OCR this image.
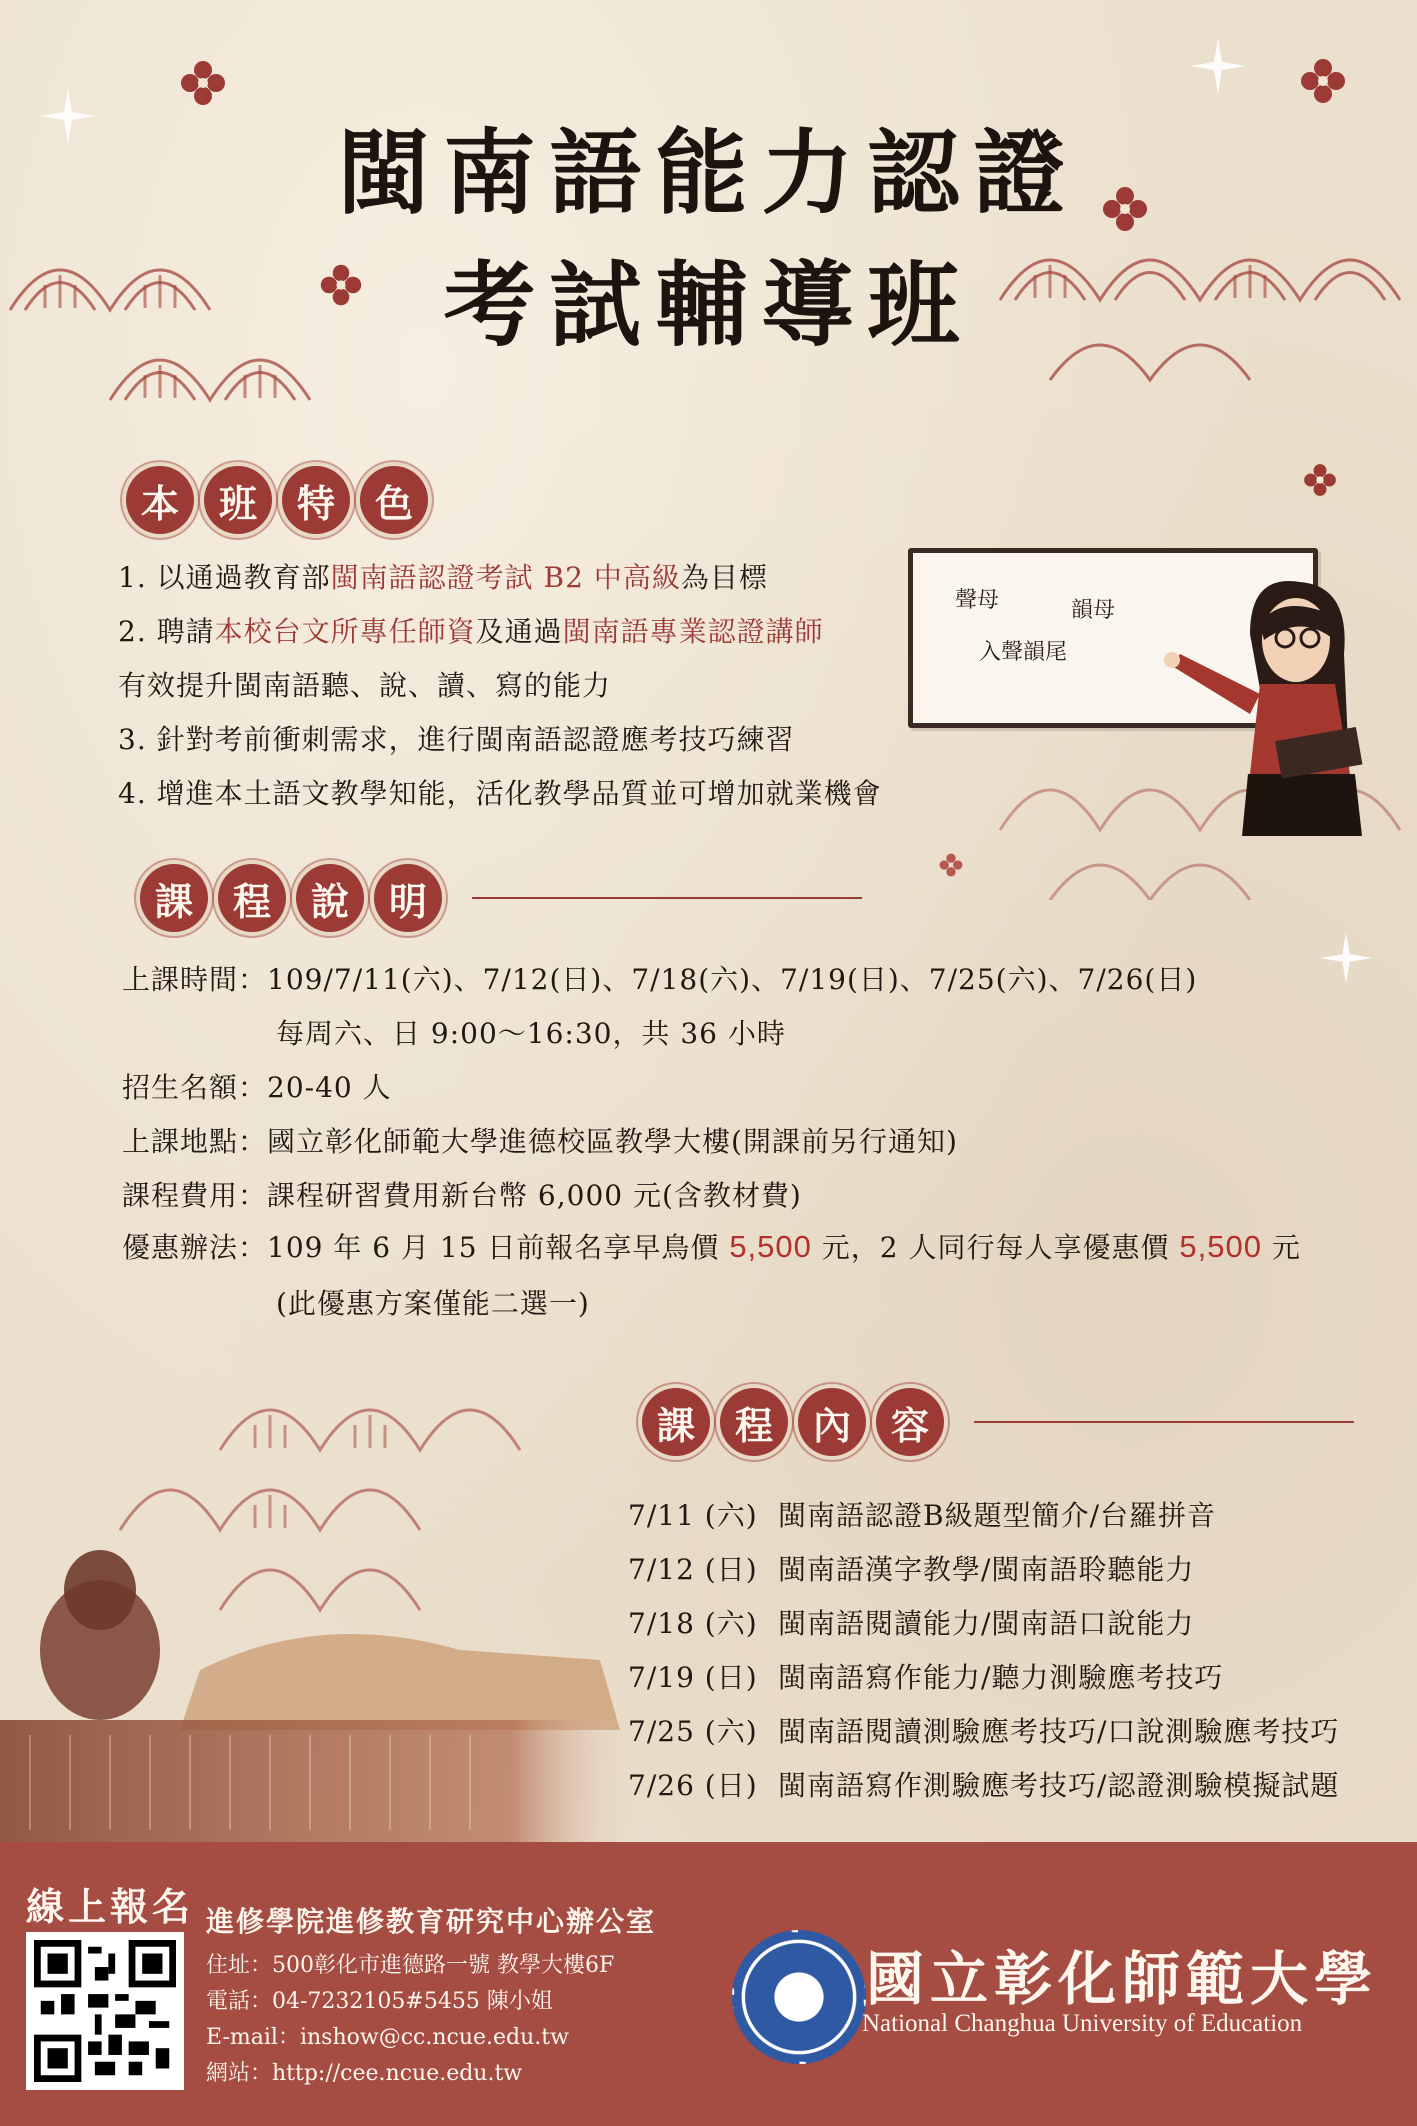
閩南語能力認證
考試輔導班
本	班	特	色
1. 以通過教育部閩南語認證考試 B2 中高級為目標
2. 聘請本校台文所專任師資及通過閩南語專業認證講師
有效提升閩南語聽、說、讀、寫的能力
3. 針對考前衝刺需求，進行閩南語認證應考技巧練習
4. 增進本土語文教學知能，活化教學品質並可增加就業機會
聲母	韻母
入聲韻尾
課	程	說	明
上課時間：109/7/11(六)、7/12(日)、7/18(六)、7/19(日)、7/25(六)、7/26(日)
每周六、日 9:00～16:30，共 36 小時
招生名額：20-40 人
上課地點：國立彰化師範大學進德校區教學大樓(開課前另行通知)
課程費用：課程研習費用新台幣 6,000 元(含教材費)
優惠辦法：109 年 6 月 15 日前報名享早鳥價 5,500 元，2 人同行每人享優惠價 5,500 元
(此優惠方案僅能二選一)
課	程	內	容
7/11 (六) 閩南語認證B級題型簡介/台羅拼音
7/12 (日) 閩南語漢字教學/閩南語聆聽能力
7/18 (六) 閩南語閱讀能力/閩南語口說能力
7/19 (日) 閩南語寫作能力/聽力測驗應考技巧
7/25 (六) 閩南語閱讀測驗應考技巧/口說測驗應考技巧
7/26 (日) 閩南語寫作測驗應考技巧/認證測驗模擬試題
線上報名 進修學院進修教育研究中心辦公室
住址：500彰化市進德路一號 教學大樓6F
電話：04-7232105#5455 陳小姐
E-mail：inshow@cc.ncue.edu.tw
網站：http://cee.ncue.edu.tw
國立彰化師範大學
National Changhua University of Education
